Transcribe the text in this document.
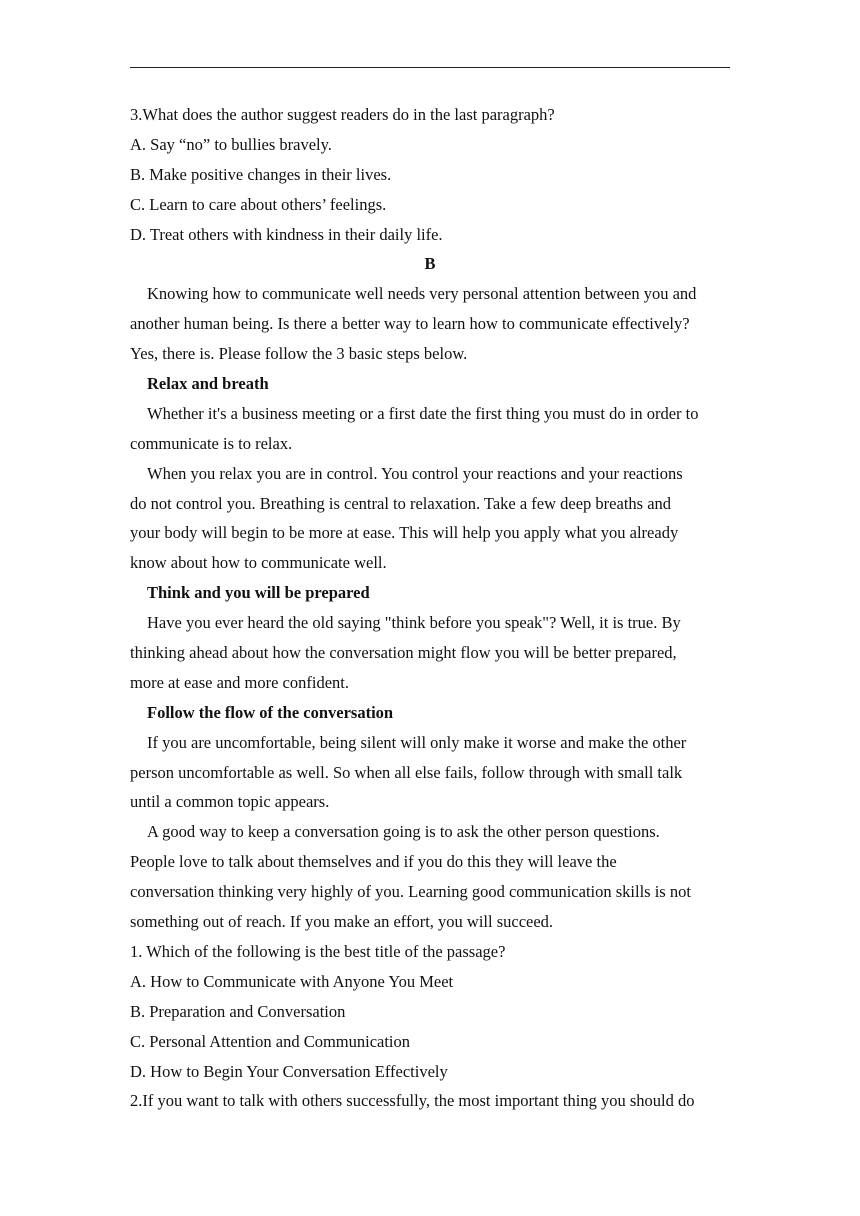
3.What does the author suggest readers do in the last paragraph?
A. Say “no” to bullies bravely.
B. Make positive changes in their lives.
C. Learn to care about others’ feelings.
D. Treat others with kindness in their daily life.
B
Knowing how to communicate well needs very personal attention between you and
another human being. Is there a better way to learn how to communicate effectively?
Yes, there is. Please follow the 3 basic steps below.
Relax and breath
Whether it's a business meeting or a first date the first thing you must do in order to
communicate is to relax.
When you relax you are in control. You control your reactions and your reactions
do not control you. Breathing is central to relaxation. Take a few deep breaths and
your body will begin to be more at ease. This will help you apply what you already
know about how to communicate well.
Think and you will be prepared
Have you ever heard the old saying "think before you speak"? Well, it is true. By
thinking ahead about how the conversation might flow you will be better prepared,
more at ease and more confident.
Follow the flow of the conversation
If you are uncomfortable, being silent will only make it worse and make the other
person uncomfortable as well. So when all else fails, follow through with small talk
until a common topic appears.
A good way to keep a conversation going is to ask the other person questions.
People love to talk about themselves and if you do this they will leave the
conversation thinking very highly of you. Learning good communication skills is not
something out of reach. If you make an effort, you will succeed.
1. Which of the following is the best title of the passage?
A. How to Communicate with Anyone You Meet
B. Preparation and Conversation
C. Personal Attention and Communication
D. How to Begin Your Conversation Effectively
2.If you want to talk with others successfully, the most important thing you should do
